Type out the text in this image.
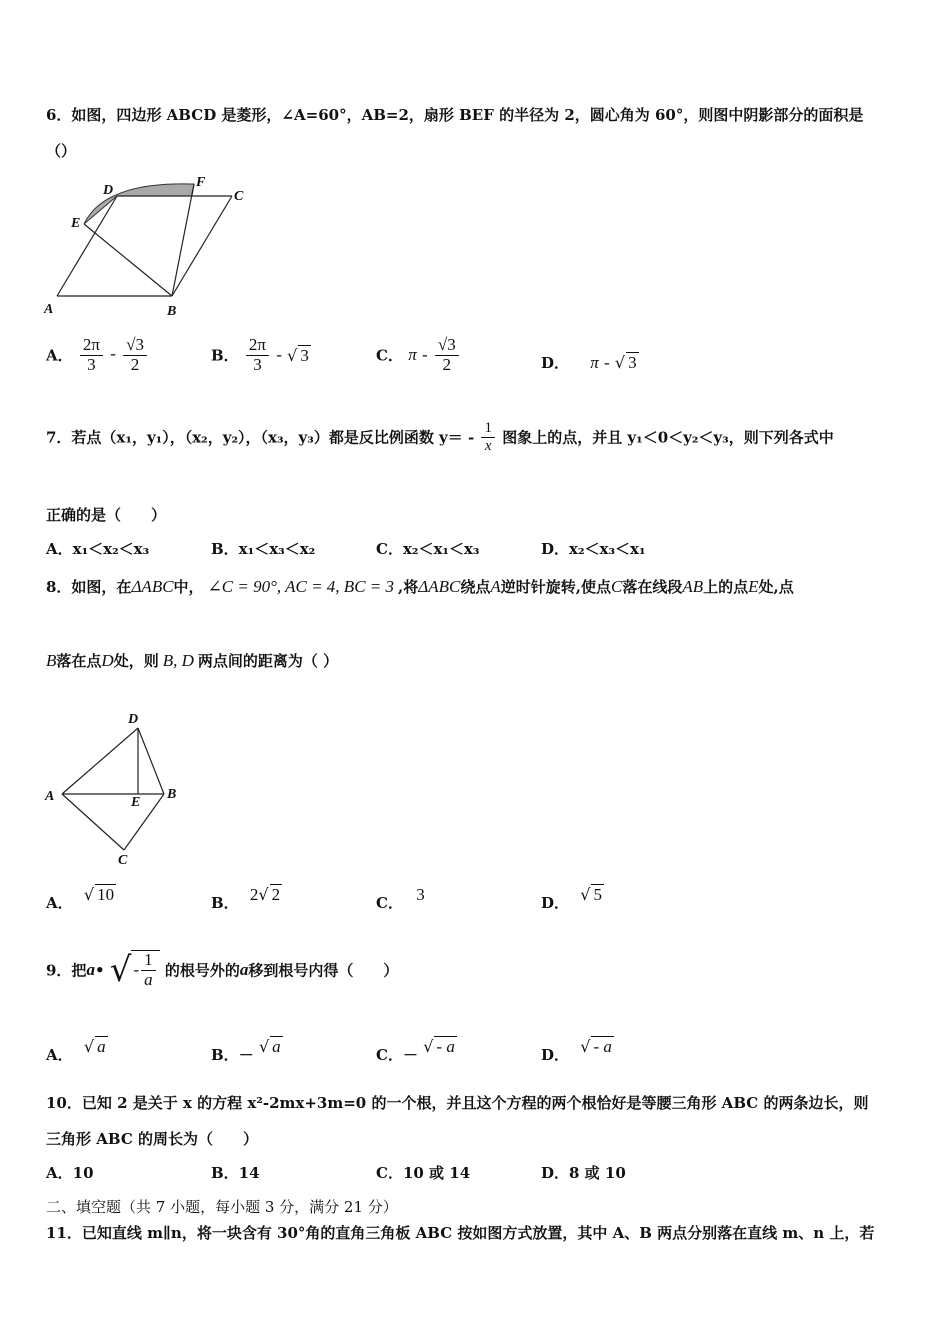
6．如图，四边形 ABCD 是菱形，∠A=60°，AB=2，扇形 BEF 的半径为 2，圆心角为 60°，则图中阴影部分的面积是
（）
A	B
C
D
E
F
A． $\frac{2\pi}{3} - \frac{√3}{2}$	B． $\frac{2\pi}{3}$ - √ 3	C． π - $\frac{√3}{2}$	D． π - √ 3
7．若点（x₁，y₁），（x₂，y₂），（x₃，y₃）都是反比例函数 $y= - \frac{1}{x}$ 图象上的点，并且 y₁＜0＜y₂＜y₃，则下列各式中
正确的是（　　）
A．x₁＜x₂＜x₃	B．x₁＜x₃＜x₂	C．x₂＜x₁＜x₃	D．x₂＜x₃＜x₁
8．如图，在ΔABC中， ∠C = 90°, AC = 4, BC = 3 ,将ΔABC绕点A逆时针旋转,使点C落在线段AB上的点E处,点
B落在点D处，则 B, D 两点间的距离为（ ）
D
A	B
E
C
A． √ 10	B． 2√ 2	C． 3	D． √ 5
9．把a• √ - $\frac{1}{a}$ 的根号外的a移到根号内得（　　）
A． √ a	B．－ √ a	C．－ √ - a	D． √ - a
10．已知 2 是关于 x 的方程 x²-2mx+3m=0 的一个根，并且这个方程的两个根恰好是等腰三角形 ABC 的两条边长，则
三角形 ABC 的周长为（　　）
A．10	B．14	C．10 或 14	D．8 或 10
二、填空题（共 7 小题，每小题 3 分，满分 21 分）
11．已知直线 m∥n，将一块含有 30°角的直角三角板 ABC 按如图方式放置，其中 A、B 两点分别落在直线 m、n 上，若
